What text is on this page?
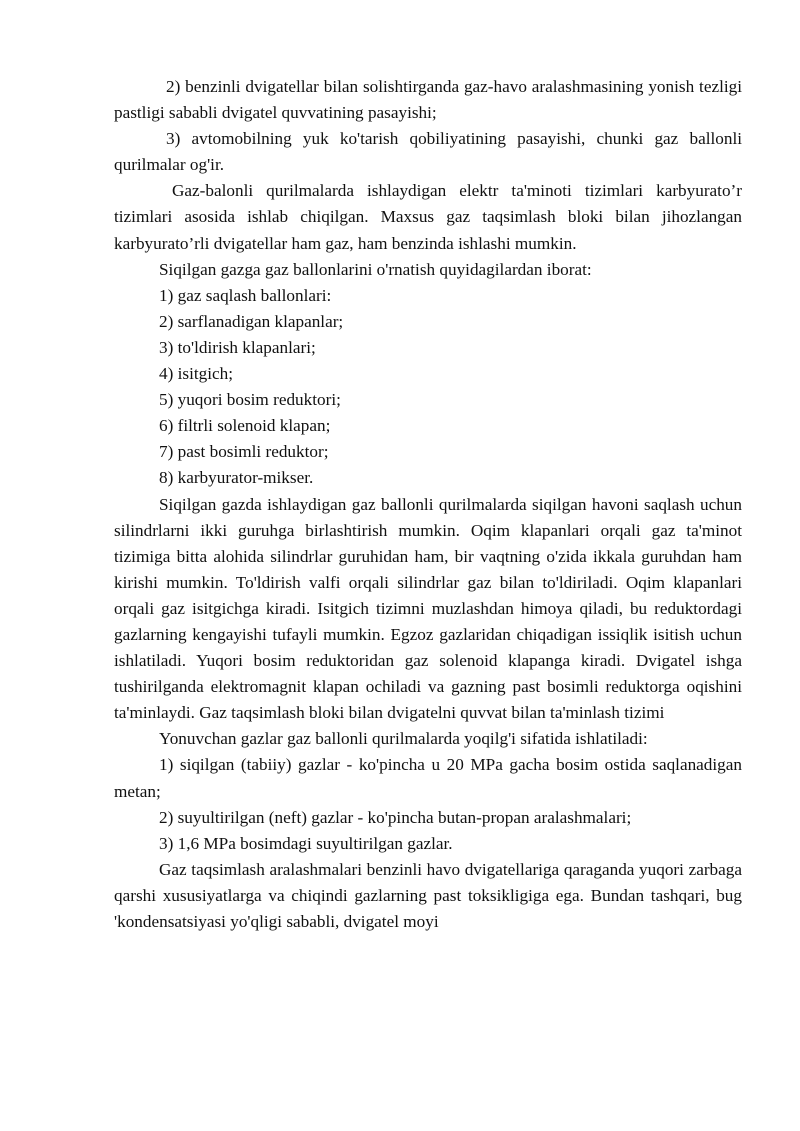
2) benzinli dvigatellar bilan solishtirganda gaz-havo aralashmasining yonish tezligi pastligi sababli dvigatel quvvatining pasayishi;

3) avtomobilning yuk ko'tarish qobiliyatining pasayishi, chunki gaz ballonli qurilmalar og'ir.

Gaz-balonli qurilmalarda ishlaydigan elektr ta'minoti tizimlari karbyurato’r tizimlari asosida ishlab chiqilgan. Maxsus gaz taqsimlash bloki bilan jihozlangan karbyurato’rli dvigatellar ham gaz, ham benzinda ishlashi mumkin.

Siqilgan gazga gaz ballonlarini o'rnatish quyidagilardan iborat:

1) gaz saqlash ballonlari:

2) sarflanadigan klapanlar;

3) to'ldirish klapanlari;

4) isitgich;

5) yuqori bosim reduktori;

6) filtrli solenoid klapan;

7) past bosimli reduktor;

8) karbyurator-mikser.

Siqilgan gazda ishlaydigan gaz ballonli qurilmalarda siqilgan havoni saqlash uchun silindrlarni ikki guruhga birlashtirish mumkin. Oqim klapanlari orqali gaz ta'minot tizimiga bitta alohida silindrlar guruhidan ham, bir vaqtning o'zida ikkala guruhdan ham kirishi mumkin. To'ldirish valfi orqali silindrlar gaz bilan to'ldiriladi. Oqim klapanlari orqali gaz isitgichga kiradi. Isitgich tizimni muzlashdan himoya qiladi, bu reduktordagi gazlarning kengayishi tufayli mumkin. Egzoz gazlaridan chiqadigan issiqlik isitish uchun ishlatiladi. Yuqori bosim reduktoridan gaz solenoid klapanga kiradi. Dvigatel ishga tushirilganda elektromagnit klapan ochiladi va gazning past bosimli reduktorga oqishini ta'minlaydi. Gaz taqsimlash bloki bilan dvigatelni quvvat bilan ta'minlash tizimi

Yonuvchan gazlar gaz ballonli qurilmalarda yoqilg'i sifatida ishlatiladi:

1) siqilgan (tabiiy) gazlar - ko'pincha u 20 MPa gacha bosim ostida saqlanadigan metan;

2) suyultirilgan (neft) gazlar - ko'pincha butan-propan aralashmalari;

3) 1,6 MPa bosimdagi suyultirilgan gazlar.

Gaz taqsimlash aralashmalari benzinli havo dvigatellariga qaraganda yuqori zarbaga qarshi xususiyatlarga va chiqindi gazlarning past toksikligiga ega. Bundan tashqari, bug 'kondensatsiyasi yo'qligi sababli, dvigatel moyi
